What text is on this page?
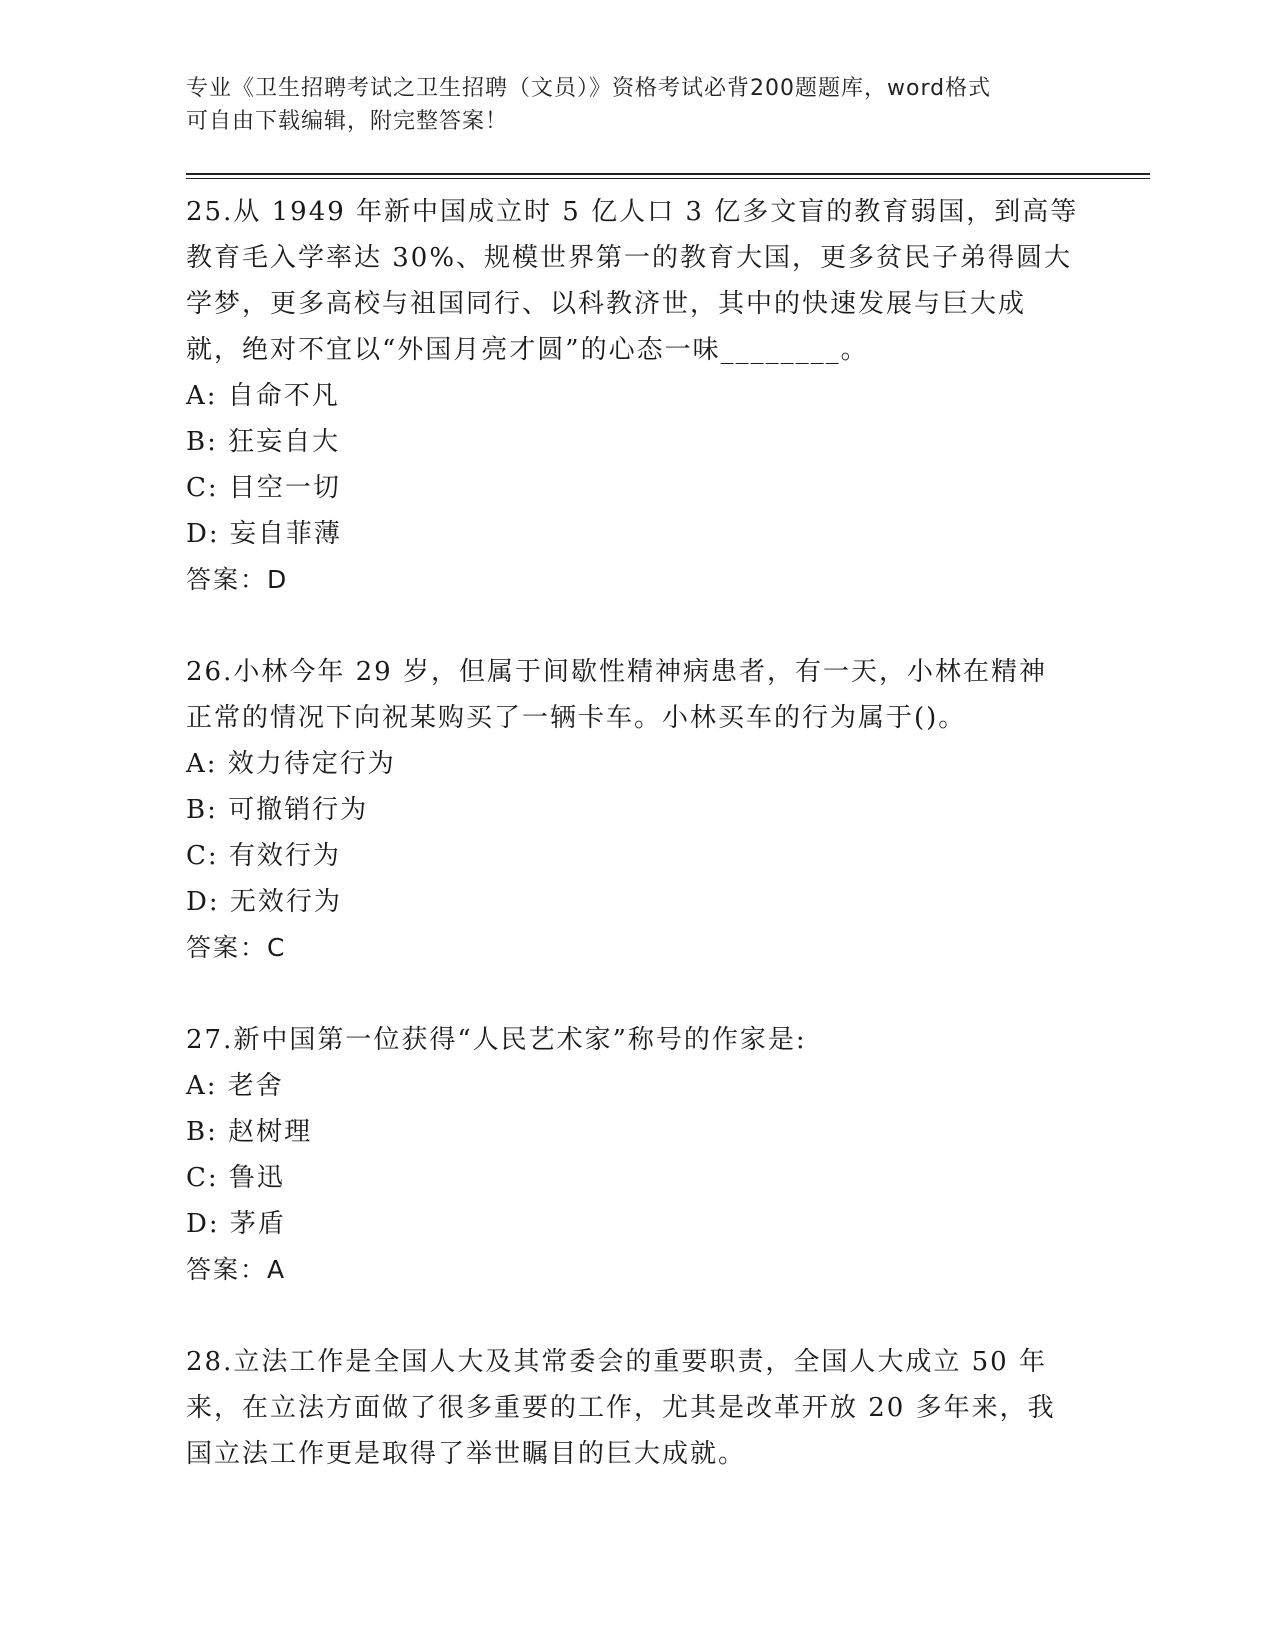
专业《卫生招聘考试之卫生招聘（文员）》资格考试必背200题题库，word格式
可自由下载编辑，附完整答案！
25.从 1949 年新中国成立时 5 亿人口 3 亿多文盲的教育弱国，到高等
教育毛入学率达 30%、规模世界第一的教育大国，更多贫民子弟得圆大
学梦，更多高校与祖国同行、以科教济世，其中的快速发展与巨大成
就，绝对不宜以“外国月亮才圆”的心态一味________。
A: 自命不凡
B: 狂妄自大
C: 目空一切
D: 妄自菲薄
答案：D
26.小林今年 29 岁，但属于间歇性精神病患者，有一天，小林在精神
正常的情况下向祝某购买了一辆卡车。小林买车的行为属于()。
A: 效力待定行为
B: 可撤销行为
C: 有效行为
D: 无效行为
答案：C
27.新中国第一位获得“人民艺术家”称号的作家是:
A: 老舍
B: 赵树理
C: 鲁迅
D: 茅盾
答案：A
28.立法工作是全国人大及其常委会的重要职责，全国人大成立 50 年
来，在立法方面做了很多重要的工作，尤其是改革开放 20 多年来，我
国立法工作更是取得了举世瞩目的巨大成就。
